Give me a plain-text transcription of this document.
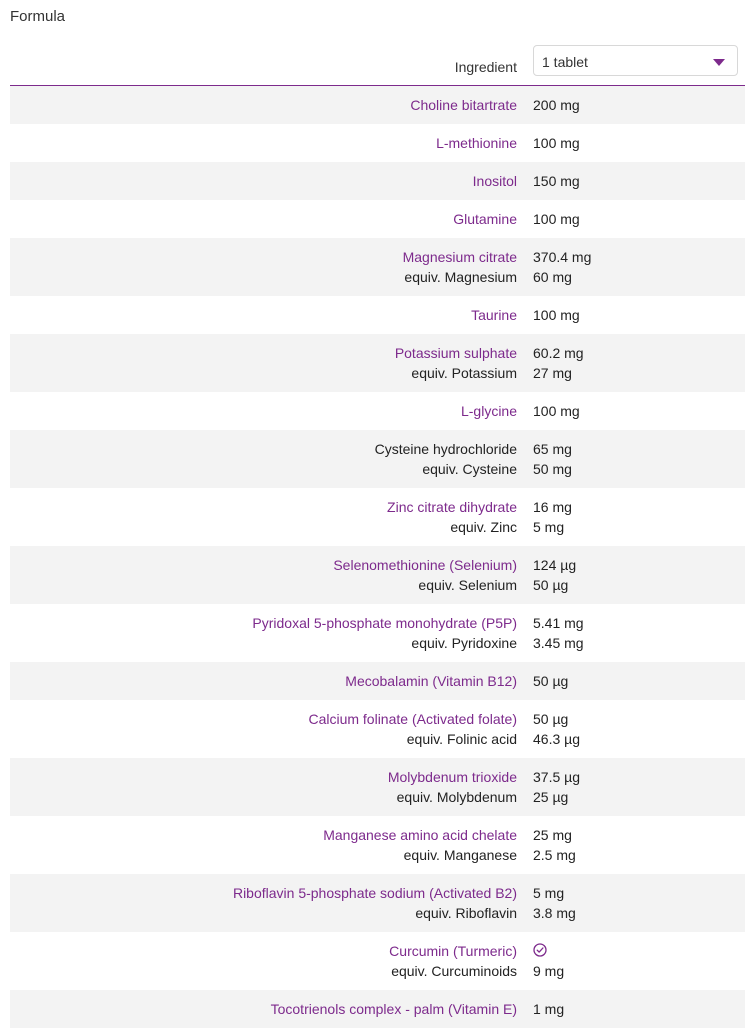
Formula
Ingredient 1 tablet
Choline bitartrate	200 mg
L-methionine	100 mg
Inositol	150 mg
Glutamine	100 mg
Magnesium citrate	370.4 mg
equiv. Magnesium	60 mg
Taurine	100 mg
Potassium sulphate	60.2 mg
equiv. Potassium	27 mg
L-glycine	100 mg
Cysteine hydrochloride	65 mg
equiv. Cysteine	50 mg
Zinc citrate dihydrate	16 mg
equiv. Zinc	5 mg
Selenomethionine (Selenium)	124 µg
equiv. Selenium	50 µg
Pyridoxal 5-phosphate monohydrate (P5P)	5.41 mg
equiv. Pyridoxine	3.45 mg
Mecobalamin (Vitamin B12)	50 µg
Calcium folinate (Activated folate)	50 µg
equiv. Folinic acid	46.3 µg
Molybdenum trioxide	37.5 µg
equiv. Molybdenum	25 µg
Manganese amino acid chelate	25 mg
equiv. Manganese	2.5 mg
Riboflavin 5-phosphate sodium (Activated B2)	5 mg
equiv. Riboflavin	3.8 mg
Curcumin (Turmeric)
equiv. Curcuminoids	9 mg
Tocotrienols complex - palm (Vitamin E)	1 mg
